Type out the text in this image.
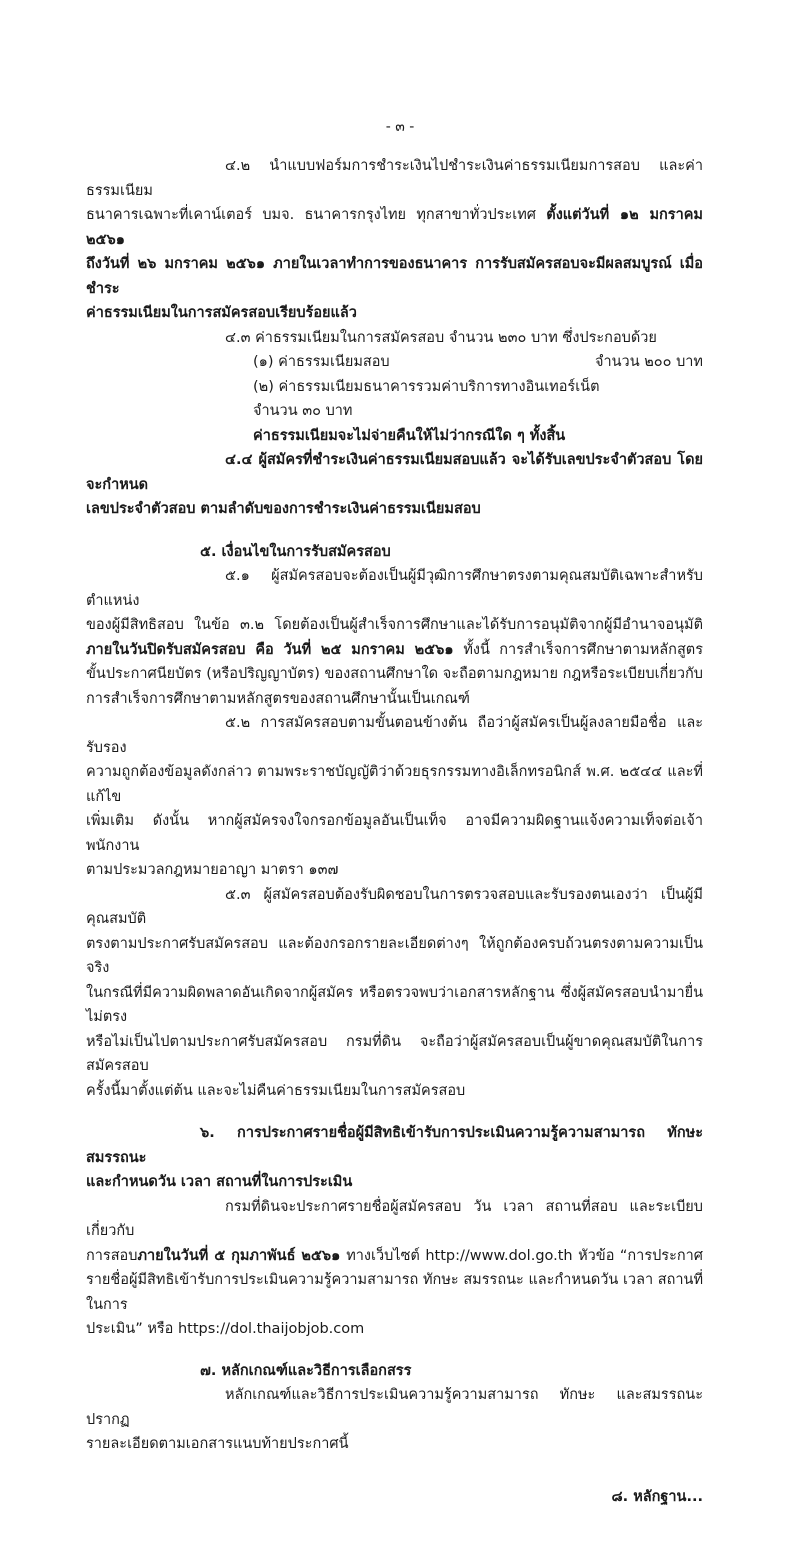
- ๓ -
๔.๒ นำแบบฟอร์มการชำระเงินไปชำระเงินค่าธรรมเนียมการสอบ และค่าธรรมเนียม
ธนาคารเฉพาะที่เคาน์เตอร์ บมจ. ธนาคารกรุงไทย ทุกสาขาทั่วประเทศ ตั้งแต่วันที่ ๑๒ มกราคม ๒๕๖๑
ถึงวันที่ ๒๖ มกราคม ๒๕๖๑ ภายในเวลาทำการของธนาคาร การรับสมัครสอบจะมีผลสมบูรณ์ เมื่อชำระ
ค่าธรรมเนียมในการสมัครสอบเรียบร้อยแล้ว
๔.๓ ค่าธรรมเนียมในการสมัครสอบ จำนวน ๒๓๐ บาท ซึ่งประกอบด้วย
(๑) ค่าธรรมเนียมสอบ	จำนวน ๒๐๐ บาท
(๒) ค่าธรรมเนียมธนาคารรวมค่าบริการทางอินเทอร์เน็ต
จำนวน ๓๐ บาท
ค่าธรรมเนียมจะไม่จ่ายคืนให้ไม่ว่ากรณีใด ๆ ทั้งสิ้น
๔.๔ ผู้สมัครที่ชำระเงินค่าธรรมเนียมสอบแล้ว จะได้รับเลขประจำตัวสอบ โดยจะกำหนด
เลขประจำตัวสอบ ตามลำดับของการชำระเงินค่าธรรมเนียมสอบ
๕. เงื่อนไขในการรับสมัครสอบ
๕.๑ ผู้สมัครสอบจะต้องเป็นผู้มีวุฒิการศึกษาตรงตามคุณสมบัติเฉพาะสำหรับตำแหน่ง
ของผู้มีสิทธิสอบ ในข้อ ๓.๒ โดยต้องเป็นผู้สำเร็จการศึกษาและได้รับการอนุมัติจากผู้มีอำนาจอนุมัติ
ภายในวันปิดรับสมัครสอบ คือ วันที่ ๒๕ มกราคม ๒๕๖๑ ทั้งนี้ การสำเร็จการศึกษาตามหลักสูตร
ขั้นประกาศนียบัตร (หรือปริญญาบัตร) ของสถานศึกษาใด จะถือตามกฎหมาย กฎหรือระเบียบเกี่ยวกับ
การสำเร็จการศึกษาตามหลักสูตรของสถานศึกษานั้นเป็นเกณฑ์
๕.๒ การสมัครสอบตามขั้นตอนข้างต้น ถือว่าผู้สมัครเป็นผู้ลงลายมือชื่อ และรับรอง
ความถูกต้องข้อมูลดังกล่าว ตามพระราชบัญญัติว่าด้วยธุรกรรมทางอิเล็กทรอนิกส์ พ.ศ. ๒๕๔๔ และที่แก้ไข
เพิ่มเติม ดังนั้น หากผู้สมัครจงใจกรอกข้อมูลอันเป็นเท็จ อาจมีความผิดฐานแจ้งความเท็จต่อเจ้าพนักงาน
ตามประมวลกฎหมายอาญา มาตรา ๑๓๗
๕.๓ ผู้สมัครสอบต้องรับผิดชอบในการตรวจสอบและรับรองตนเองว่า เป็นผู้มีคุณสมบัติ
ตรงตามประกาศรับสมัครสอบ และต้องกรอกรายละเอียดต่างๆ ให้ถูกต้องครบถ้วนตรงตามความเป็นจริง
ในกรณีที่มีความผิดพลาดอันเกิดจากผู้สมัคร หรือตรวจพบว่าเอกสารหลักฐาน ซึ่งผู้สมัครสอบนำมายื่นไม่ตรง
หรือไม่เป็นไปตามประกาศรับสมัครสอบ กรมที่ดิน จะถือว่าผู้สมัครสอบเป็นผู้ขาดคุณสมบัติในการสมัครสอบ
ครั้งนี้มาตั้งแต่ต้น และจะไม่คืนค่าธรรมเนียมในการสมัครสอบ
๖. การประกาศรายชื่อผู้มีสิทธิเข้ารับการประเมินความรู้ความสามารถ ทักษะ สมรรถนะ
และกำหนดวัน เวลา สถานที่ในการประเมิน
กรมที่ดินจะประกาศรายชื่อผู้สมัครสอบ วัน เวลา สถานที่สอบ และระเบียบเกี่ยวกับ
การสอบภายในวันที่ ๕ กุมภาพันธ์ ๒๕๖๑ ทางเว็บไซต์ http://www.dol.go.th หัวข้อ “การประกาศ
รายชื่อผู้มีสิทธิเข้ารับการประเมินความรู้ความสามารถ ทักษะ สมรรถนะ และกำหนดวัน เวลา สถานที่ในการ
ประเมิน” หรือ https://dol.thaijobjob.com
๗. หลักเกณฑ์และวิธีการเลือกสรร
หลักเกณฑ์และวิธีการประเมินความรู้ความสามารถ ทักษะ และสมรรถนะ ปรากฏ
รายละเอียดตามเอกสารแนบท้ายประกาศนี้
๘. หลักฐาน...
